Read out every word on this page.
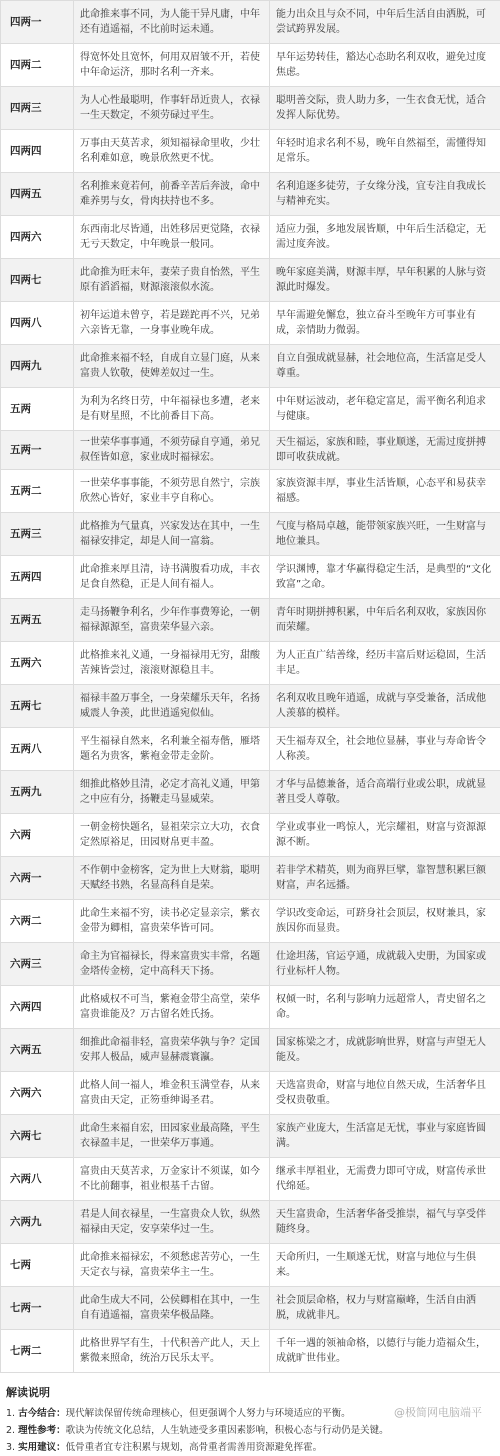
四两一	此命推来事不同，为人能干异凡庸，中年还有逍遥福，不比前时运未通。	能力出众且与众不同，中年后生活自由洒脱，可尝试跨界发展。
四两二	得宽怀处且宽怀，何用双眉皱不开，若使中年命运济，那时名利一齐来。	早年运势转佳，豁达心态助名利双收，避免过度焦虑。
四两三	为人心性最聪明，作事轩昂近贵人，衣禄一生天数定，不须劳碌过平生。	聪明善交际，贵人助力多，一生衣食无忧，适合发挥人际优势。
四两四	万事由天莫苦求，须知福禄命里收，少壮名利难如意，晚景欣然更不忧。	年轻时追求名利不易，晚年自然福至，需懂得知足常乐。
四两五	名利推来竟若何，前番辛苦后奔波，命中难养男与女，骨肉扶持也不多。	名利追逐多徒劳，子女缘分浅，宜专注自我成长与精神充实。
四两六	东西南北尽皆通，出姓移居更觉隆，衣禄无亏天数定，中年晚景一般同。	适应力强，多地发展皆顺，中年后生活稳定，无需过度奔波。
四两七	此命推为旺末年，妻荣子贵自怡然，平生原有滔滔福，财源滚滚似水流。	晚年家庭美满，财源丰厚，早年积累的人脉与资源此时爆发。
四两八	初年运道未曾亨，若是蹉跎再不兴，兄弟六亲皆无靠，一身事业晚年成。	早年需避免懈怠，独立奋斗至晚年方可事业有成，亲情助力微弱。
四两九	此命推来福不轻，自成自立显门庭，从来富贵人钦敬，使婢差奴过一生。	自立自强成就显赫，社会地位高，生活富足受人尊重。
五两	为利为名终日劳，中年福禄也多遭，老来是有财星照，不比前番目下高。	中年财运波动，老年稳定富足，需平衡名利追求与健康。
五两一	一世荣华事事通，不须劳碌自亨通，弟兄叔侄皆如意，家业成时福禄宏。	天生福运，家族和睦，事业顺遂，无需过度拼搏即可收获成就。
五两二	一世荣华事事能，不须劳思自然宁，宗族欣然心皆好，家业丰亨自称心。	家族资源丰厚，事业生活皆顺，心态平和易获幸福感。
五两三	此格推为气量真，兴家发达在其中，一生福禄安排定，却是人间一富翁。	气度与格局卓越，能带领家族兴旺，一生财富与地位兼具。
五两四	此命推来厚且清，诗书满腹看功成，丰衣足食自然稳，正是人间有福人。	学识渊博，靠才华赢得稳定生活，是典型的“文化致富”之命。
五两五	走马扬鞭争利名，少年作事费筹论，一朝福禄源源至，富贵荣华显六亲。	青年时期拼搏积累，中年后名利双收，家族因你而荣耀。
五两六	此格推来礼义通，一身福禄用无穷，甜酸苦辣皆尝过，滚滚财源稳且丰。	为人正直广结善缘，经历丰富后财运稳固，生活丰足。
五两七	福禄丰盈万事全，一身荣耀乐天年，名扬威震人争羡，此世逍遥宛似仙。	名利双收且晚年逍遥，成就与享受兼备，活成他人羡慕的模样。
五两八	平生福禄自然来，名利兼全福寿偕，雁塔题名为贵客，紫袍金带走金阶。	天生福寿双全，社会地位显赫，事业与寿命皆令人称羡。
五两九	细推此格妙且清，必定才高礼义通，甲第之中应有分，扬鞭走马显威荣。	才华与品德兼备，适合高端行业或公职，成就显著且受人尊敬。
六两	一朝金榜快题名，显祖荣宗立大功，衣食定然原裕足，田园财帛更丰盈。	学业或事业一鸣惊人，光宗耀祖，财富与资源源源不断。
六两一	不作朝中金榜客，定为世上大财翁，聪明天赋经书熟，名显高科自是荣。	若非学术精英，则为商界巨擘，靠智慧积累巨额财富，声名远播。
六两二	此命生来福不穷，读书必定显亲宗，紫衣金带为卿相，富贵荣华皆可同。	学识改变命运，可跻身社会顶层，权财兼具，家族因你而显贵。
六两三	命主为官福禄长，得来富贵实丰常，名题金塔传金榜，定中高科天下扬。	仕途坦荡，官运亨通，成就载入史册，为国家或行业标杆人物。
六两四	此格威权不可当，紫袍金带尘高堂，荣华富贵谁能及？万古留名姓氏扬。	权倾一时，名利与影响力远超常人，青史留名之命。
六两五	细推此命福非轻，富贵荣华孰与争？定国安邦人极品，威声显赫震寰瀛。	国家栋梁之才，成就影响世界，财富与声望无人能及。
六两六	此格人间一福人，堆金积玉满堂春，从来富贵由天定，正笏垂绅谒圣君。	天选富贵命，财富与地位自然天成，生活奢华且受权贵敬重。
六两七	此命生来福自宏，田园家业最高隆，平生衣禄盈丰足，一世荣华万事通。	家族产业庞大，生活富足无忧，事业与家庭皆圆满。
六两八	富贵由天莫苦求，万金家计不须谋，如今不比前翻事，祖业根基千古留。	继承丰厚祖业，无需费力即可守成，财富传承世代绵延。
六两九	君是人间衣禄星，一生富贵众人钦，纵然福禄由天定，安享荣华过一生。	天生富贵命，生活奢华备受推崇，福气与享受伴随终身。
七两	此命推来福禄宏，不须愁虑苦劳心，一生天定衣与禄，富贵荣华主一生。	天命所归，一生顺遂无忧，财富与地位与生俱来。
七两一	此命生成大不同，公侯卿相在其中，一生自有逍遥福，富贵荣华极品隆。	社会顶层命格，权力与财富巅峰，生活自由洒脱，成就非凡。
七两二	此格世界罕有生，十代积善产此人，天上紫微来照命，统治万民乐太平。	千年一遇的领袖命格，以德行与能力造福众生，成就旷世伟业。
解读说明
1. 古今结合：现代解读保留传统命理核心，但更强调个人努力与环境适应的平衡。
2. 理性参考：歌诀为传统文化总结，人生轨迹受多重因素影响，积极心态与行动仍是关键。
3. 实用建议：低骨重者宜专注积累与规划，高骨重者需善用资源避免挥霍。
@极简网电脑端平
